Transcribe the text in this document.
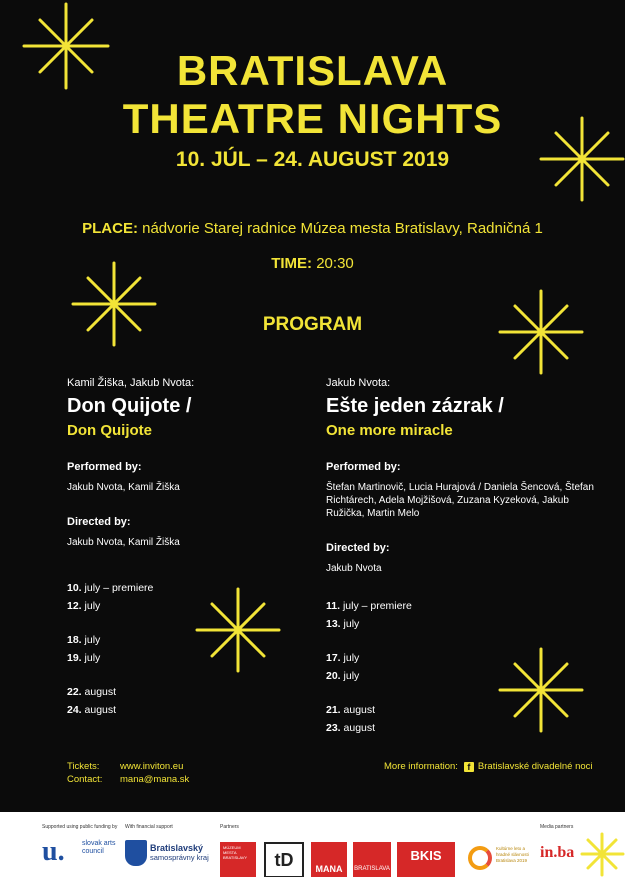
BRATISLAVA
THEATRE NIGHTS
10. JÚL – 24. AUGUST 2019
PLACE: nádvorie Starej radnice Múzea mesta Bratislavy, Radničná 1
TIME: 20:30
PROGRAM
Kamil Žiška, Jakub Nvota:
Don Quijote /
Don Quijote
Performed by:
Jakub Nvota, Kamil Žiška
Directed by:
Jakub Nvota, Kamil Žiška
10. july – premiere
12. july
18. july
19. july
22. august
24. august
Jakub Nvota:
Ešte jeden zázrak /
One more miracle
Performed by:
Štefan Martinovič, Lucia Hurajová / Daniela Šencová, Štefan Richtárech, Adela Mojžišová, Zuzana Kyzeková, Jakub Ružička, Martin Melo
Directed by:
Jakub Nvota
11. july – premiere
13. july
17. july
20. july
21. august
23. august
Tickets: www.inviton.eu
Contact: mana@mana.sk
More information:	f Bratislavské divadelné noci
Supported using public funding by With financial support	Partners	Media partners
u. slovak arts council	Bratislavský
samosprávny kraj
MÚZEUM MESTA BRATISLAVY	tD	MANA	BRATISLAVA
BKIS	Kultúrne leto a hradné slávnosti Bratislava 2019 in.ba
